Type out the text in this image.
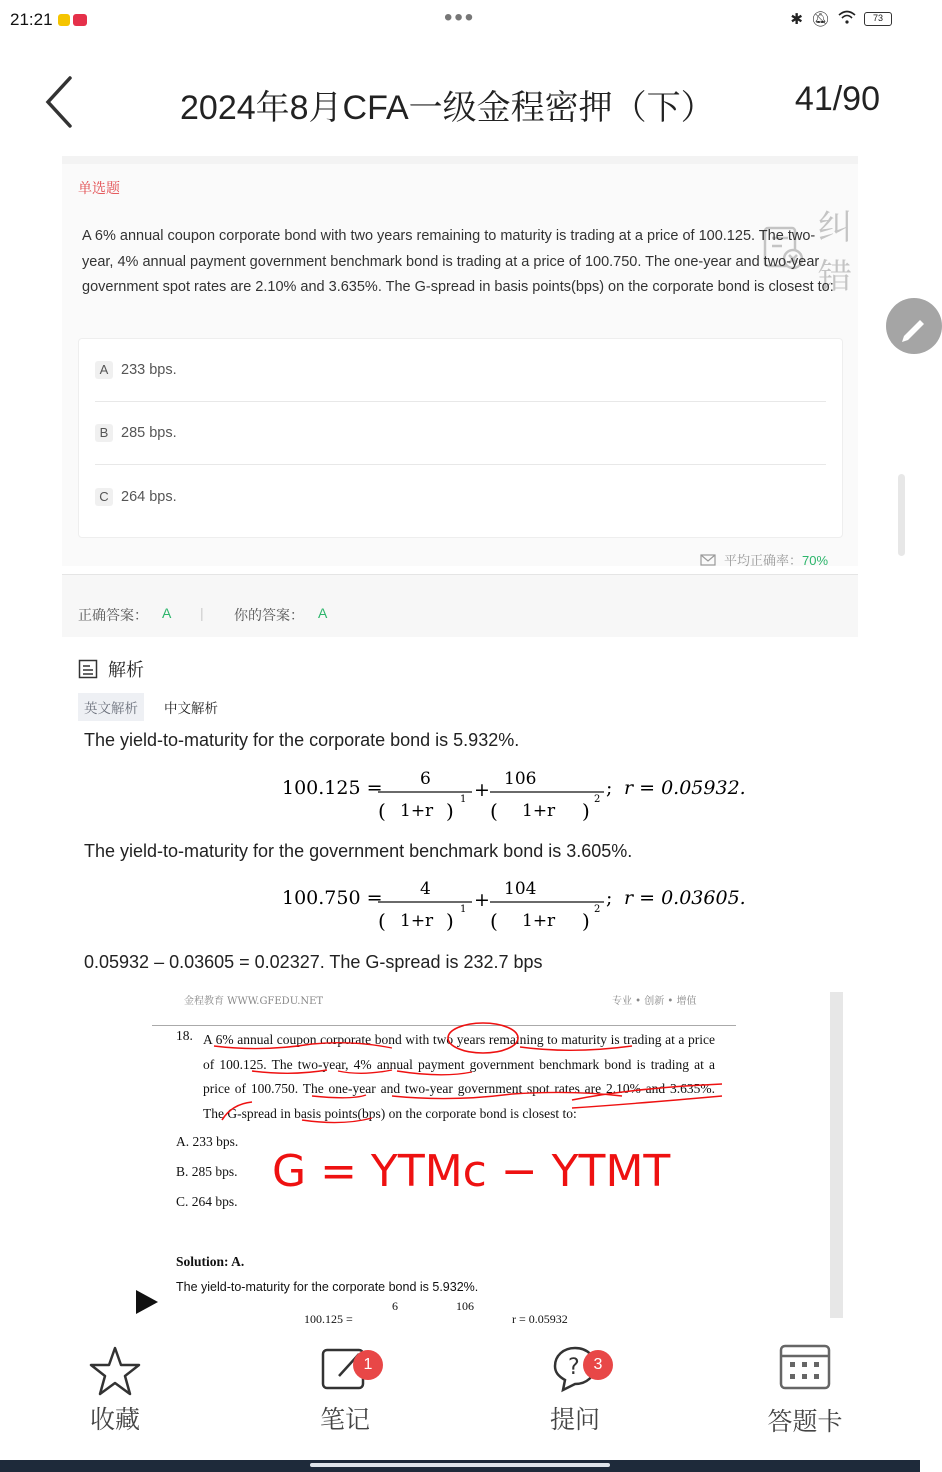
21:21	•••	✱ 🔕︎	73
2024年8月CFA一级金程密押（下） 41/90
单选题
纠错
A 6% annual coupon corporate bond with two years remaining to maturity is trading at a price of 100.125. The two-year, 4% annual payment government benchmark bond is trading at a price of 100.750. The one-year and two-year government spot rates are 2.10% and 3.635%. The G-spread in basis points(bps) on the corporate bond is closest to:
A 233 bps.
B 285 bps.
C 264 bps.
平均正确率：70%
正确答案： A | 你的答案： A
解析
英文解析	中文解析
The yield-to-maturity for the corporate bond is 5.932%.
100.125 = 6
( 1+r ) 1 + 106
( 1+r ) 2
; r = 0.05932.
The yield-to-maturity for the government benchmark bond is 3.605%.
100.750 = 4
( 1+r ) 1 + 104
( 1+r ) 2
; r = 0.03605.
0.05932 – 0.03605 = 0.02327. The G-spread is 232.7 bps
金程教育 WWW.GFEDU.NET	专业 • 创新 • 增值
18. A 6% annual coupon corporate bond with two years remaining to maturity is trading at a price of 100.125. The two-year, 4% annual payment government benchmark bond is trading at a price of 100.750. The one-year and two-year government spot rates are 2.10% and 3.635%. The G-spread in basis points(bps) on the corporate bond is closest to:
A. 233 bps.
B. 285 bps.
C. 264 bps.
G = YTMc − YTMT
Solution: A.
The yield-to-maturity for the corporate bond is 5.932%.
100.125 =
6	106
r = 0.05932
收藏
1
笔记
? 3
提问	答题卡
